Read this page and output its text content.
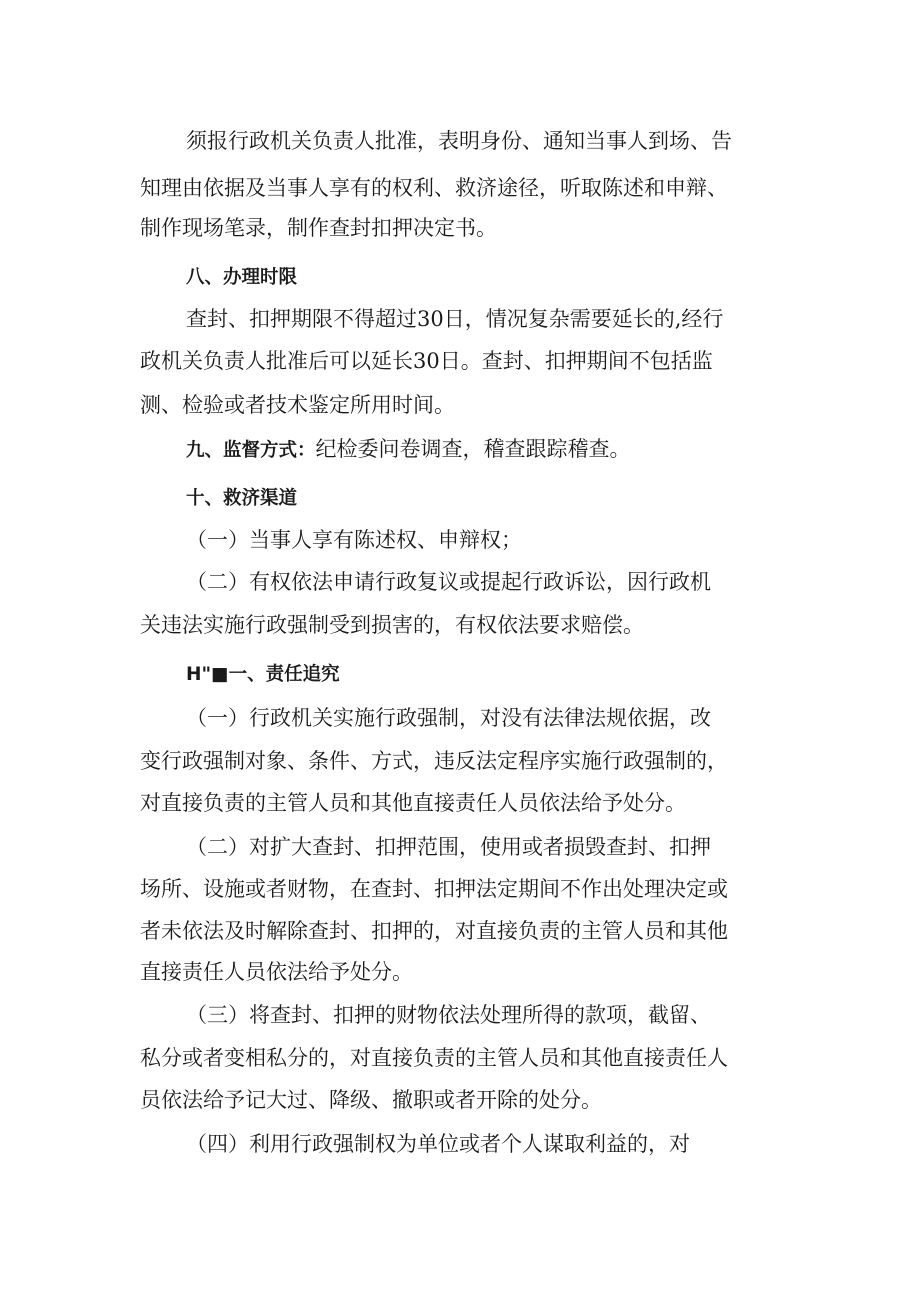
须报行政机关负责人批准，表明身份、通知当事人到场、告
知理由依据及当事人享有的权利、救济途径，听取陈述和申辩、
制作现场笔录，制作查封扣押决定书。
八、办理时限
查封、扣押期限不得超过30日，情况复杂需要延长的,经行
政机关负责人批准后可以延长30日。查封、扣押期间不包括监
测、检验或者技术鉴定所用时间。
九、监督方式：纪检委问卷调查，稽查跟踪稽查。
十、救济渠道
（一）当事人享有陈述权、申辩权；
（二）有权依法申请行政复议或提起行政诉讼，因行政机
关违法实施行政强制受到损害的，有权依法要求赔偿。
H"■一、责任追究
（一）行政机关实施行政强制，对没有法律法规依据，改
变行政强制对象、条件、方式，违反法定程序实施行政强制的，
对直接负责的主管人员和其他直接责任人员依法给予处分。
（二）对扩大查封、扣押范围，使用或者损毁查封、扣押
场所、设施或者财物，在查封、扣押法定期间不作出处理决定或
者未依法及时解除查封、扣押的，对直接负责的主管人员和其他
直接责任人员依法给予处分。
（三）将查封、扣押的财物依法处理所得的款项，截留、
私分或者变相私分的，对直接负责的主管人员和其他直接责任人
员依法给予记大过、降级、撤职或者开除的处分。
（四）利用行政强制权为单位或者个人谋取利益的，对
